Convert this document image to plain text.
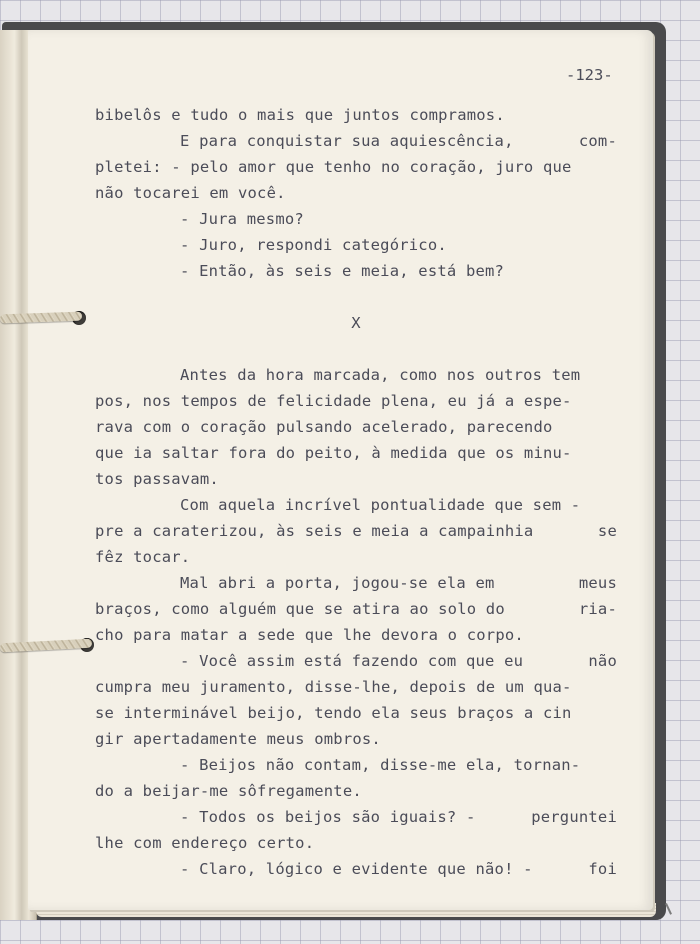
-123-
bibelôs e tudo o mais que juntos compramos.
E para conquistar sua aquiescência,	com-
pletei: - pelo amor que tenho no coração, juro que
não tocarei em você.
- Jura mesmo?
- Juro, respondi categórico.
- Então, às seis e meia, está bem?
X
Antes da hora marcada, como nos outros tem
pos, nos tempos de felicidade plena, eu já a espe-
rava com o coração pulsando acelerado, parecendo
que ia saltar fora do peito, à medida que os minu-
tos passavam.
Com aquela incrível pontualidade que sem -
pre a caraterizou, às seis e meia a campainhia	se
fêz tocar.
Mal abri a porta, jogou-se ela em	meus
braços, como alguém que se atira ao solo do	ria-
cho para matar a sede que lhe devora o corpo.
- Você assim está fazendo com que eu	não
cumpra meu juramento, disse-lhe, depois de um qua-
se interminável beijo, tendo ela seus braços a cin
gir apertadamente meus ombros.
- Beijos não contam, disse-me ela, tornan-
do a beijar-me sôfregamente.
- Todos os beijos são iguais? -	perguntei
lhe com endereço certo.
- Claro, lógico e evidente que não! -	foi
